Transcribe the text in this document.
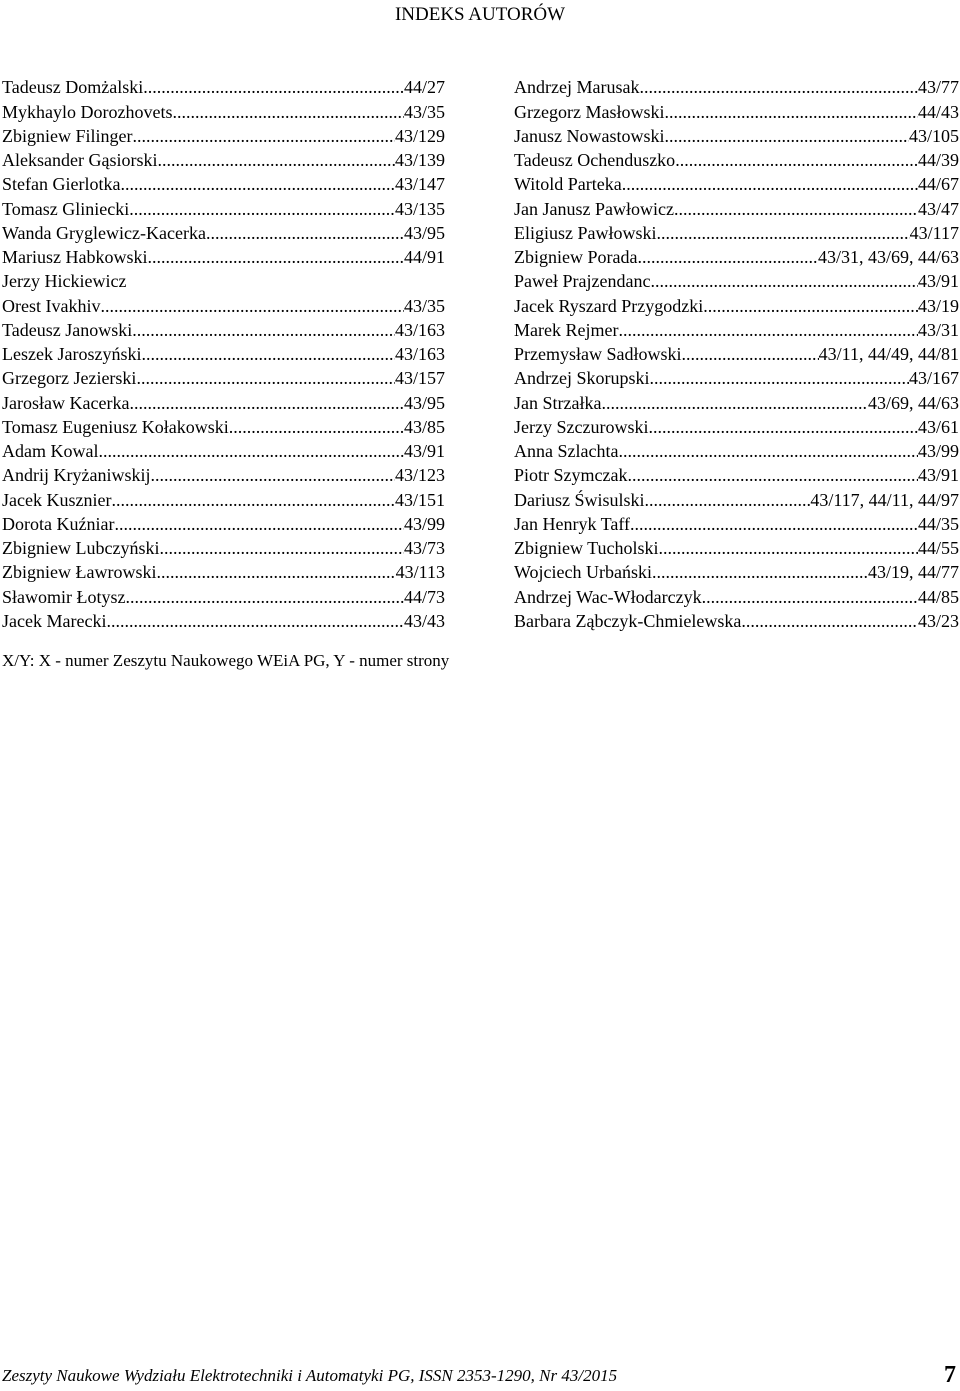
INDEKS AUTORÓW
Tadeusz Domżalski .....	44/27
Mykhaylo Dorozhovets .....	43/35
Zbigniew Filinger .....	43/129
Aleksander Gąsiorski .....	43/139
Stefan Gierlotka .....	43/147
Tomasz Gliniecki .....	43/135
Wanda Gryglewicz-Kacerka .....	43/95
Mariusz Habkowski .....	44/91
Jerzy Hickiewicz
Orest Ivakhiv .....	43/35
Tadeusz Janowski .....	43/163
Leszek Jaroszyński .....	43/163
Grzegorz Jezierski .....	43/157
Jarosław Kacerka .....	43/95
Tomasz Eugeniusz Kołakowski .....	43/85
Adam Kowal .....	43/91
Andrij Kryżaniwskij .....	43/123
Jacek Kusznier .....	43/151
Dorota Kuźniar .....	43/99
Zbigniew Lubczyński .....	43/73
Zbigniew Ławrowski .....	43/113
Sławomir Łotysz .....	44/73
Jacek Marecki .....	43/43
Andrzej Marusak .....	43/77
Grzegorz Masłowski .....	44/43
Janusz Nowastowski .....	43/105
Tadeusz Ochenduszko .....	44/39
Witold Parteka .....	44/67
Jan Janusz Pawłowicz .....	43/47
Eligiusz Pawłowski .....	43/117
Zbigniew Porada .....	43/31, 43/69, 44/63
Paweł Prajzendanc .....	43/91
Jacek Ryszard Przygodzki .....	43/19
Marek Rejmer .....	43/31
Przemysław Sadłowski .....	43/11, 44/49, 44/81
Andrzej Skorupski .....	43/167
Jan Strzałka .....	43/69, 44/63
Jerzy Szczurowski .....	43/61
Anna Szlachta .....	43/99
Piotr Szymczak .....	43/91
Dariusz Świsulski .....	43/117, 44/11, 44/97
Jan Henryk Taff .....	44/35
Zbigniew Tucholski .....	44/55
Wojciech Urbański .....	43/19, 44/77
Andrzej Wac-Włodarczyk .....	44/85
Barbara Ząbczyk-Chmielewska .....	43/23
X/Y: X - numer Zeszytu Naukowego WEiA PG, Y - numer strony
Zeszyty Naukowe Wydziału Elektrotechniki i Automatyki PG, ISSN 2353-1290, Nr 43/2015	7
